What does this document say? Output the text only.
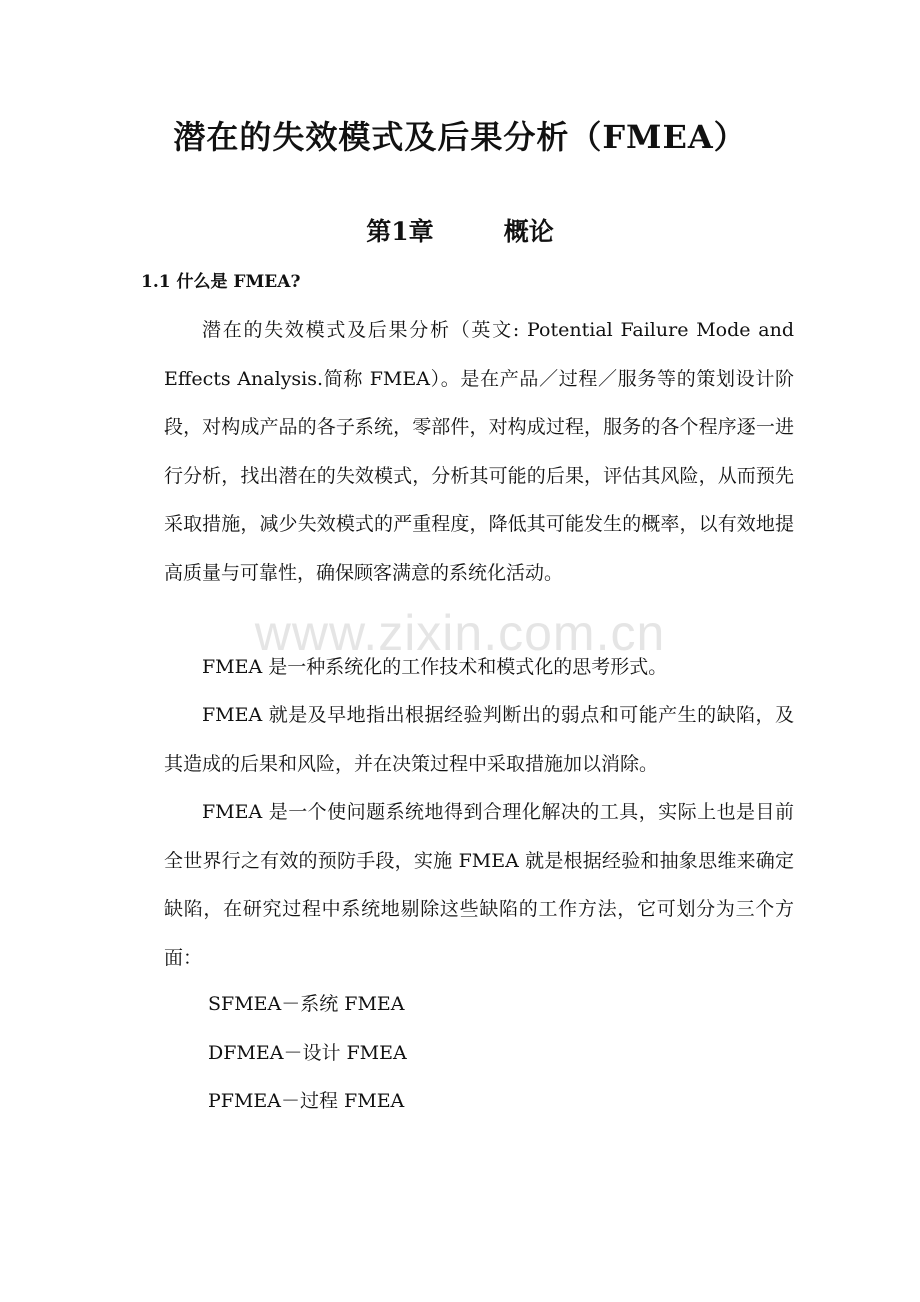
潜在的失效模式及后果分析（FMEA）
第1章	概论
1.1 什么是 FMEA?
潜在的失效模式及后果分析（英文: Potential Failure Mode and Effects Analysis.简称 FMEA）。是在产品／过程／服务等的策划设计阶段，对构成产品的各子系统，零部件，对构成过程，服务的各个程序逐一进行分析，找出潜在的失效模式，分析其可能的后果，评估其风险，从而预先采取措施，减少失效模式的严重程度，降低其可能发生的概率，以有效地提高质量与可靠性，确保顾客满意的系统化活动。
FMEA 是一种系统化的工作技术和模式化的思考形式。
FMEA 就是及早地指出根据经验判断出的弱点和可能产生的缺陷，及其造成的后果和风险，并在决策过程中采取措施加以消除。
FMEA 是一个使问题系统地得到合理化解决的工具，实际上也是目前全世界行之有效的预防手段，实施 FMEA 就是根据经验和抽象思维来确定缺陷，在研究过程中系统地剔除这些缺陷的工作方法，它可划分为三个方面：
SFMEA－系统 FMEA
DFMEA－设计 FMEA
PFMEA－过程 FMEA
www.zixin.com.cn
